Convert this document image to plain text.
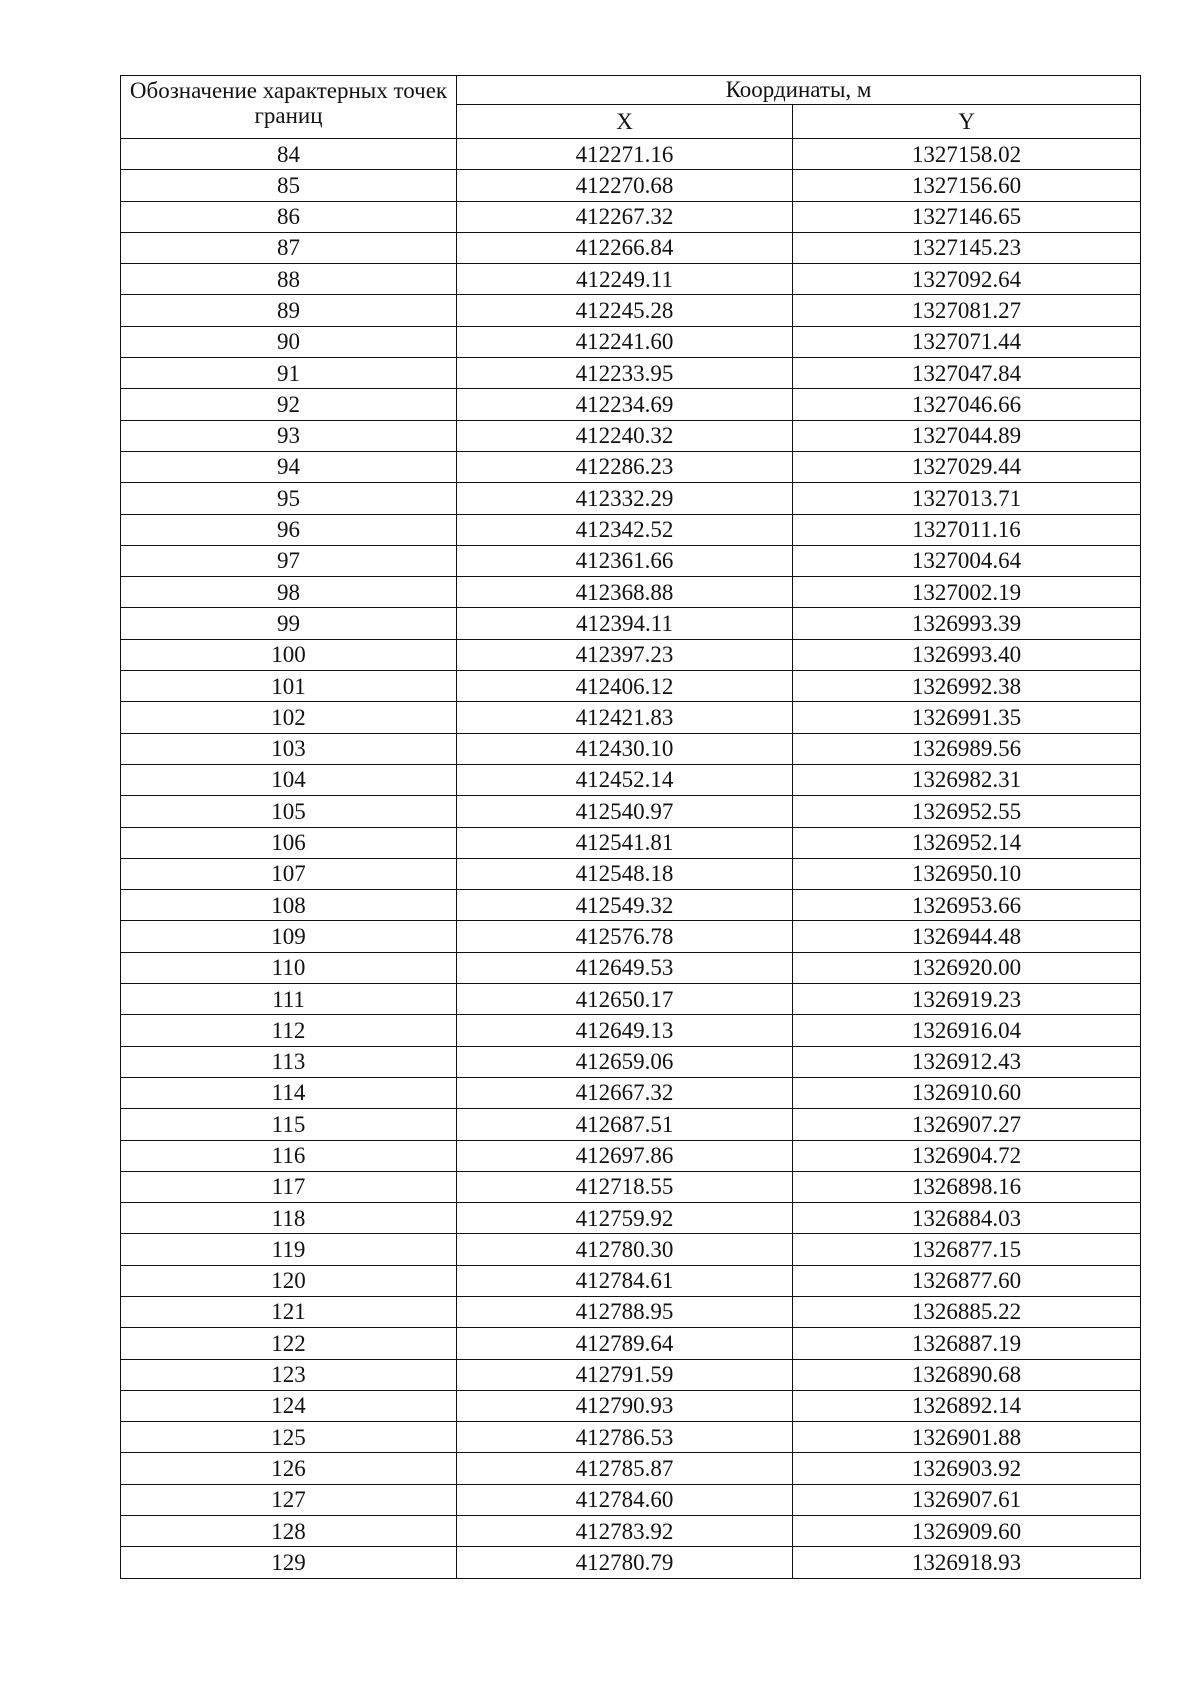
Обозначение характерных точек границ	Координаты, м	
	X	Y
84	412271.16	1327158.02
85	412270.68	1327156.60
86	412267.32	1327146.65
87	412266.84	1327145.23
88	412249.11	1327092.64
89	412245.28	1327081.27
90	412241.60	1327071.44
91	412233.95	1327047.84
92	412234.69	1327046.66
93	412240.32	1327044.89
94	412286.23	1327029.44
95	412332.29	1327013.71
96	412342.52	1327011.16
97	412361.66	1327004.64
98	412368.88	1327002.19
99	412394.11	1326993.39
100	412397.23	1326993.40
101	412406.12	1326992.38
102	412421.83	1326991.35
103	412430.10	1326989.56
104	412452.14	1326982.31
105	412540.97	1326952.55
106	412541.81	1326952.14
107	412548.18	1326950.10
108	412549.32	1326953.66
109	412576.78	1326944.48
110	412649.53	1326920.00
111	412650.17	1326919.23
112	412649.13	1326916.04
113	412659.06	1326912.43
114	412667.32	1326910.60
115	412687.51	1326907.27
116	412697.86	1326904.72
117	412718.55	1326898.16
118	412759.92	1326884.03
119	412780.30	1326877.15
120	412784.61	1326877.60
121	412788.95	1326885.22
122	412789.64	1326887.19
123	412791.59	1326890.68
124	412790.93	1326892.14
125	412786.53	1326901.88
126	412785.87	1326903.92
127	412784.60	1326907.61
128	412783.92	1326909.60
129	412780.79	1326918.93
